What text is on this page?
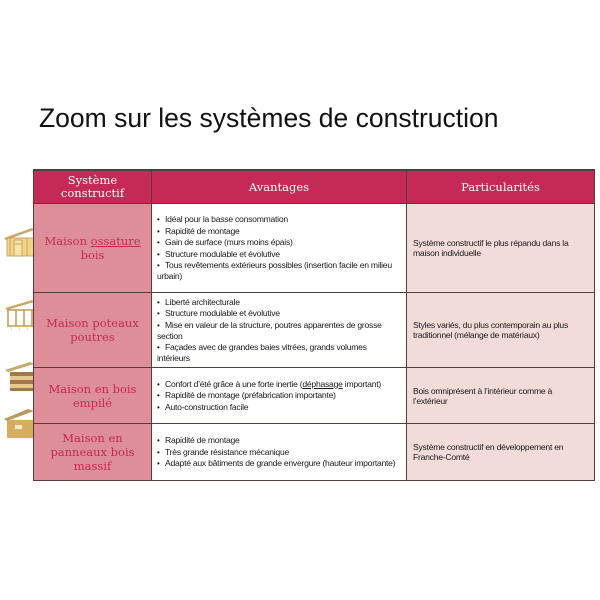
Zoom sur les systèmes de construction
Système
constructif	Avantages	Particularités
Maison ossature
bois	
• Idéal pour la basse consommation
• Rapidité de montage
• Gain de surface (murs moins épais)
• Structure modulable et évolutive
• Tous revêtements extérieurs possibles (insertion facile en milieu urbain)
	Système constructif le plus répandu dans la maison individuelle
Maison poteaux
poutres	
• Liberté architecturale
• Structure modulable et évolutive
• Mise en valeur de la structure, poutres apparentes de grosse section
• Façades avec de grandes baies vitrées, grands volumes intérieurs
	Styles variés, du plus contemporain au plus traditionnel (mélange de matériaux)
Maison en bois
empilé	
• Confort d’été grâce à une forte inertie (déphasage important)
• Rapidité de montage (préfabrication importante)
• Auto-construction facile
	Bois omniprésent à l’intérieur comme à l’extérieur
Maison en
panneaux bois
massif	
• Rapidité de montage
• Très grande résistance mécanique
• Adapté aux bâtiments de grande envergure (hauteur importante)
	Système constructif en développement en Franche-Comté
